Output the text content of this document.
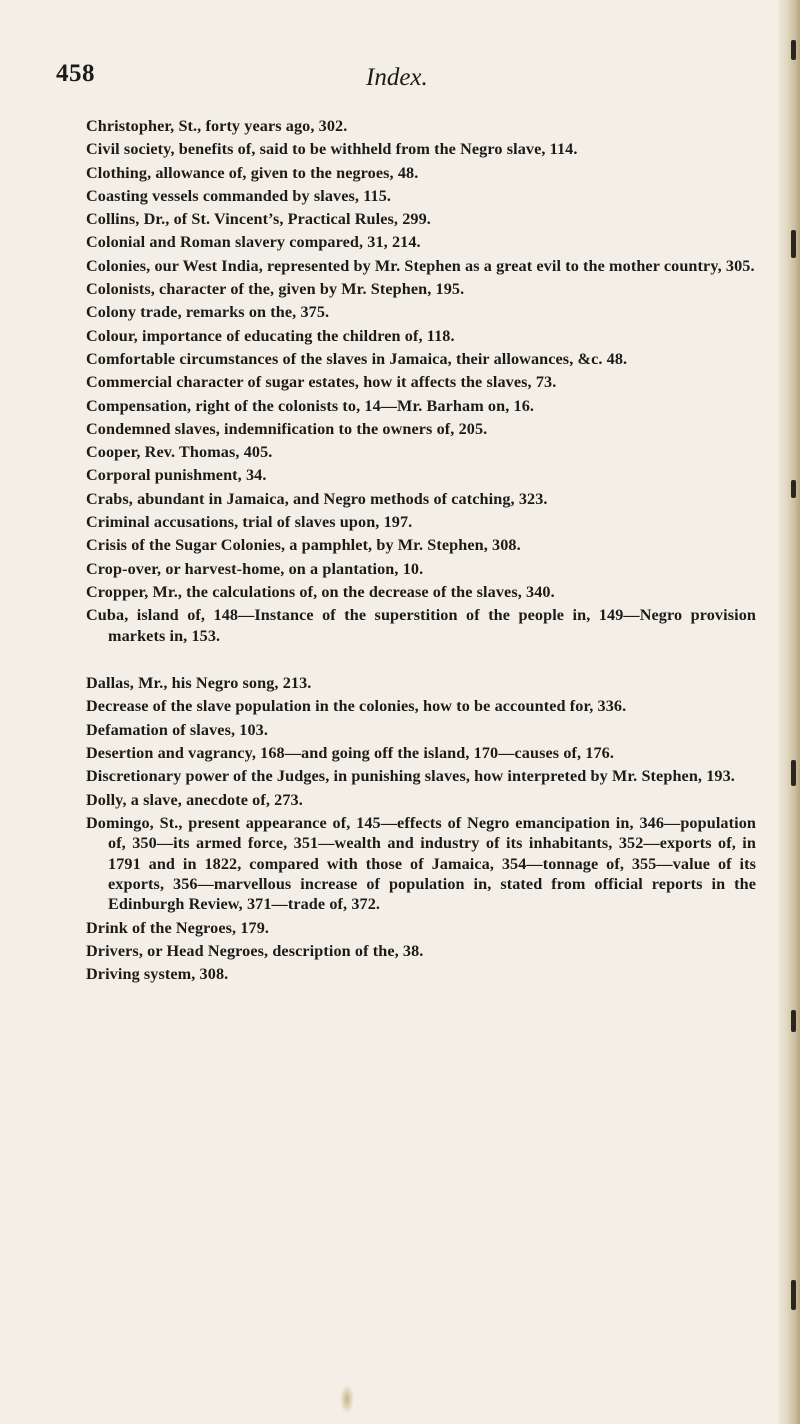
458	Index.

Christopher, St., forty years ago, 302.

Civil society, benefits of, said to be withheld from the Negro slave, 114.

Clothing, allowance of, given to the negroes, 48.

Coasting vessels commanded by slaves, 115.

Collins, Dr., of St. Vincent’s, Practical Rules, 299.

Colonial and Roman slavery compared, 31, 214.

Colonies, our West India, represented by Mr. Stephen as a great evil to the mother country, 305.

Colonists, character of the, given by Mr. Stephen, 195.

Colony trade, remarks on the, 375.

Colour, importance of educating the children of, 118.

Comfortable circumstances of the slaves in Jamaica, their allowances, &c. 48.

Commercial character of sugar estates, how it affects the slaves, 73.

Compensation, right of the colonists to, 14—Mr. Barham on, 16.

Condemned slaves, indemnification to the owners of, 205.

Cooper, Rev. Thomas, 405.

Corporal punishment, 34.

Crabs, abundant in Jamaica, and Negro methods of catching, 323.

Criminal accusations, trial of slaves upon, 197.

Crisis of the Sugar Colonies, a pamphlet, by Mr. Stephen, 308.

Crop-over, or harvest-home, on a plantation, 10.

Cropper, Mr., the calculations of, on the decrease of the slaves, 340.

Cuba, island of, 148—Instance of the superstition of the people in, 149—Negro provision markets in, 153.

Dallas, Mr., his Negro song, 213.

Decrease of the slave population in the colonies, how to be accounted for, 336.

Defamation of slaves, 103.

Desertion and vagrancy, 168—and going off the island, 170—causes of, 176.

Discretionary power of the Judges, in punishing slaves, how interpreted by Mr. Stephen, 193.

Dolly, a slave, anecdote of, 273.

Domingo, St., present appearance of, 145—effects of Negro emancipation in, 346—population of, 350—its armed force, 351—wealth and industry of its inhabitants, 352—exports of, in 1791 and in 1822, compared with those of Jamaica, 354—tonnage of, 355—value of its exports, 356—marvellous increase of population in, stated from official reports in the Edinburgh Review, 371—trade of, 372.

Drink of the Negroes, 179.

Drivers, or Head Negroes, description of the, 38.

Driving system, 308.
